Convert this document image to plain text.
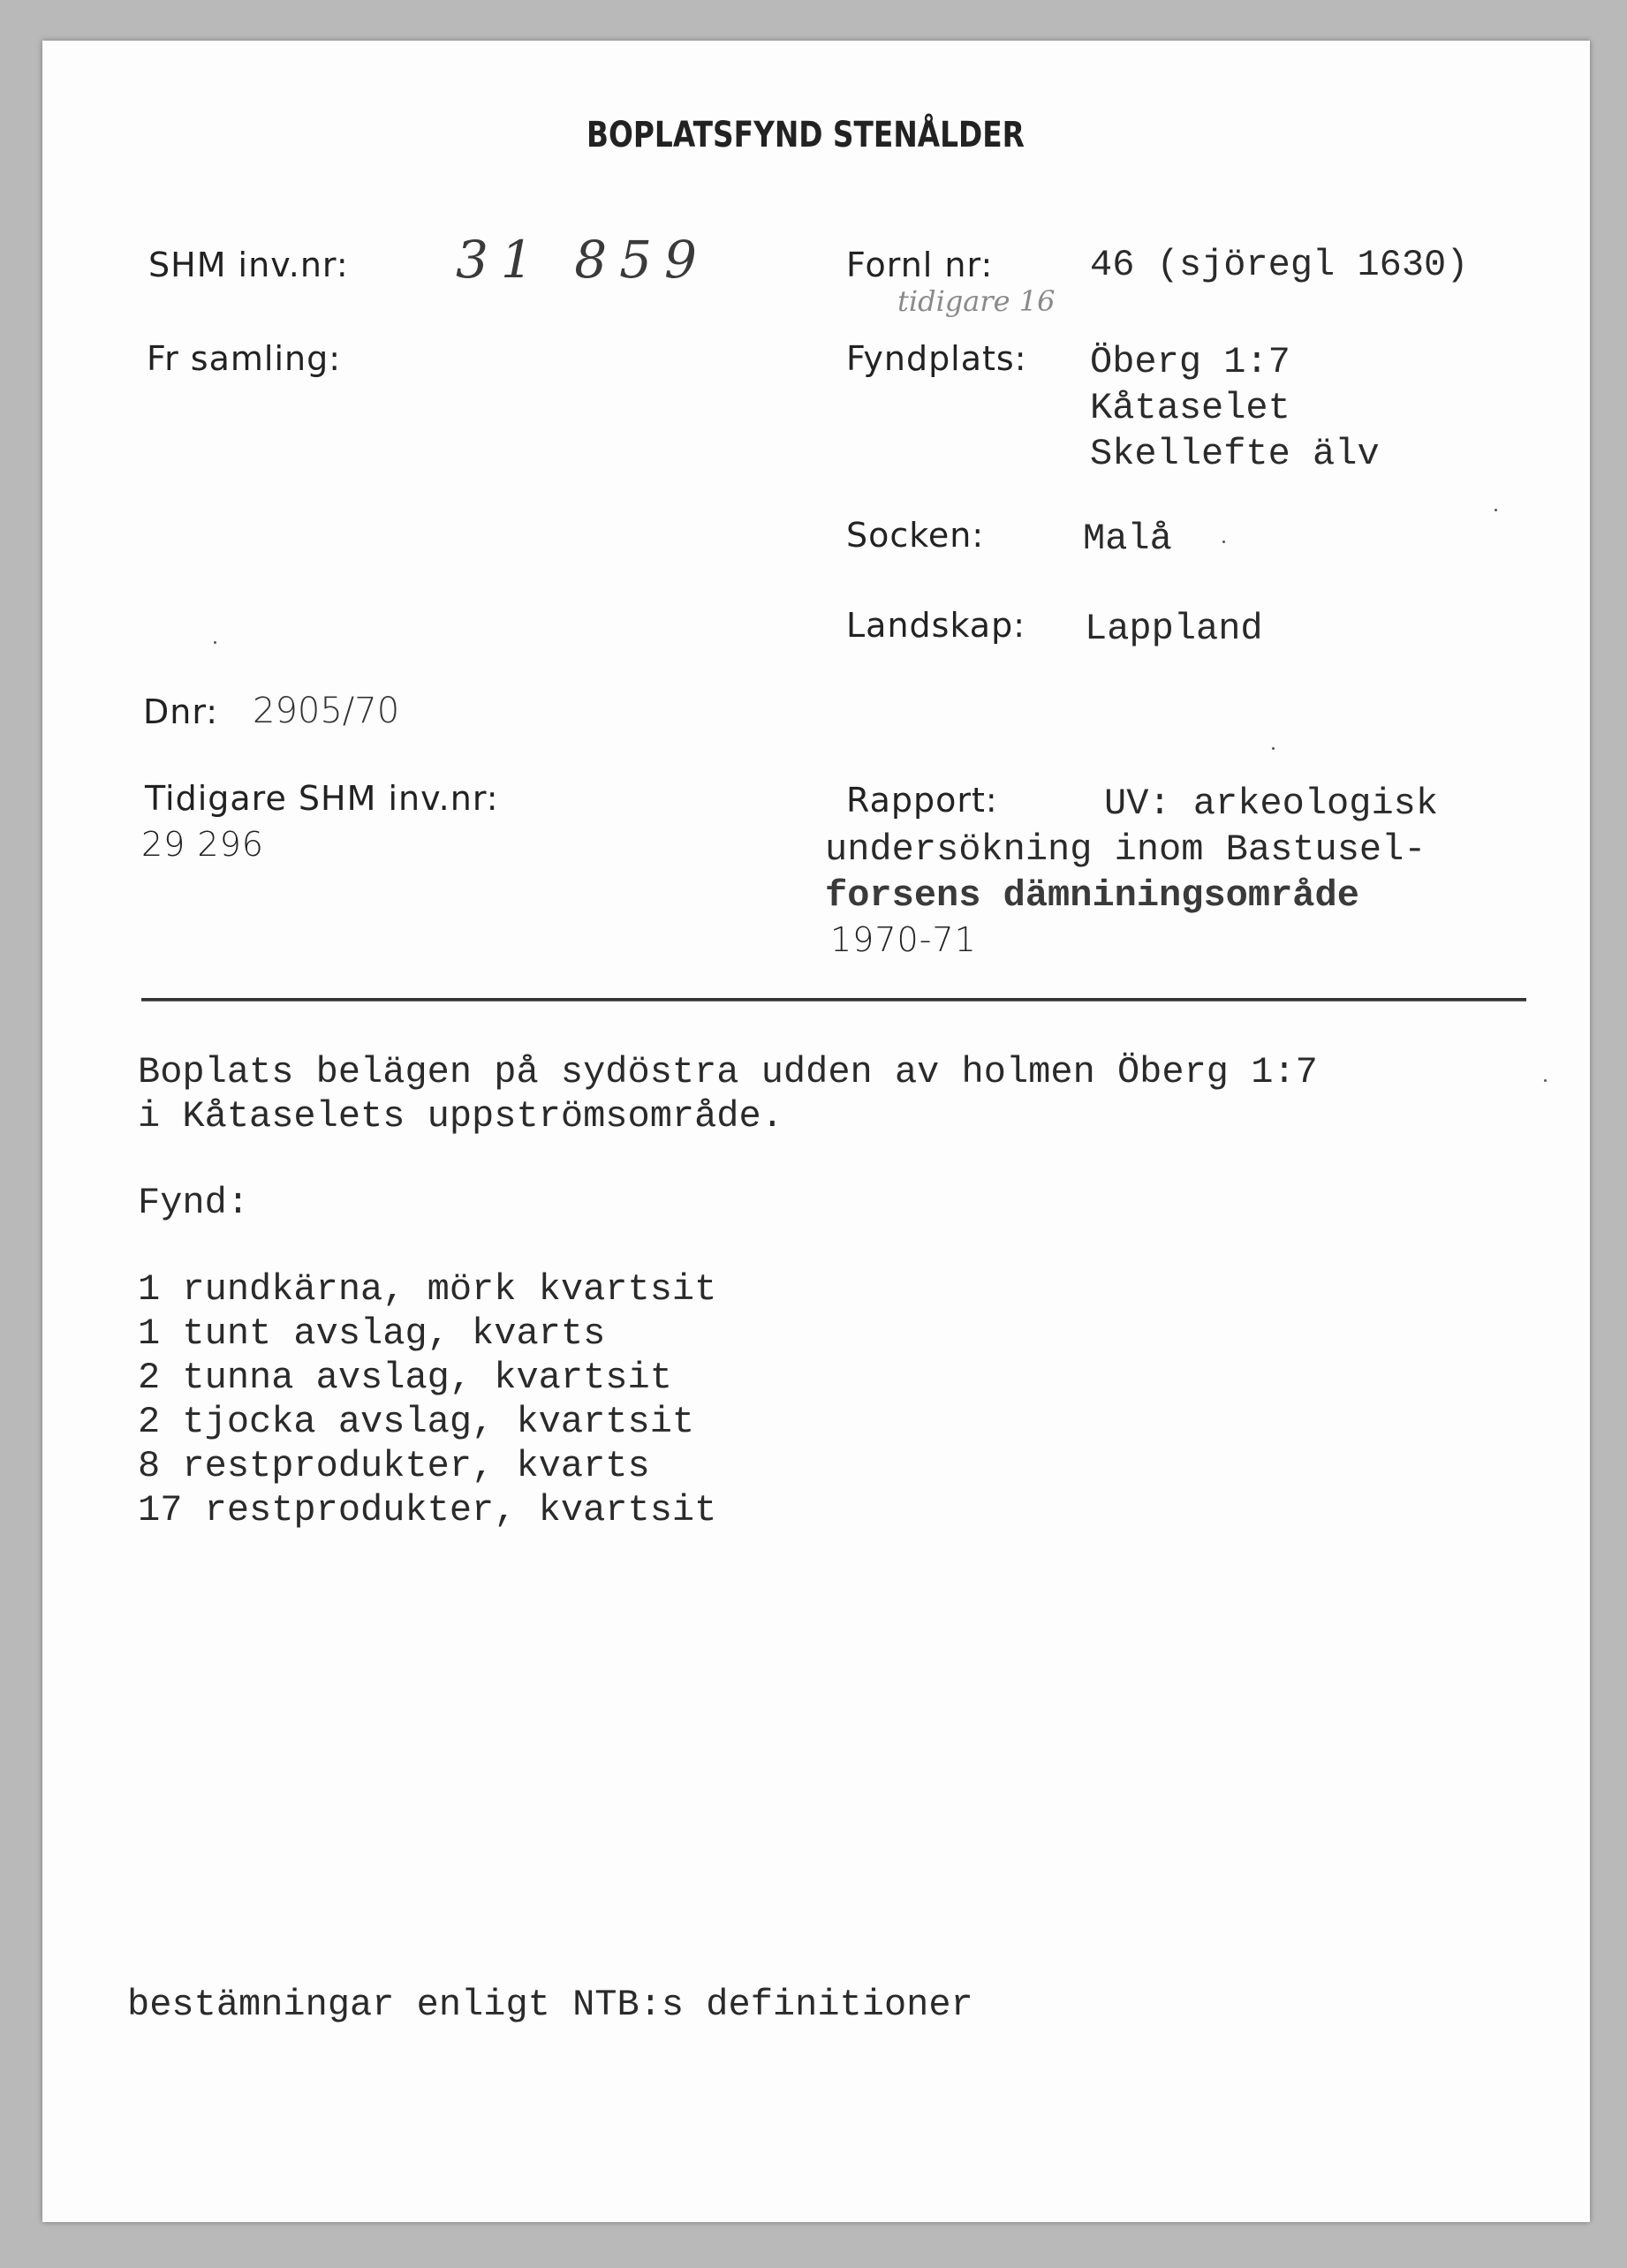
BOPLATSFYND STENÅLDER
SHM inv.nr: 31 859
Fr samling:
Dnr: 2905/70
Tidigare SHM inv.nr:
29 296
Fornl nr:	46 (sjöregl 1630)
tidigare 16
Fyndplats: Öberg 1:7
Kåtaselet
Skellefte älv
Socken:	Malå
Landskap: Lappland
Rapport:	UV: arkeologisk
undersökning inom Bastusel-
forsens dämniningsområde
1970-71
Boplats belägen på sydöstra udden av holmen Öberg 1:7
i Kåtaselets uppströmsområde.
Fynd:
1 rundkärna, mörk kvartsit
1 tunt avslag, kvarts
2 tunna avslag, kvartsit
2 tjocka avslag, kvartsit
8 restprodukter, kvarts
17 restprodukter, kvartsit
bestämningar enligt NTB:s definitioner
